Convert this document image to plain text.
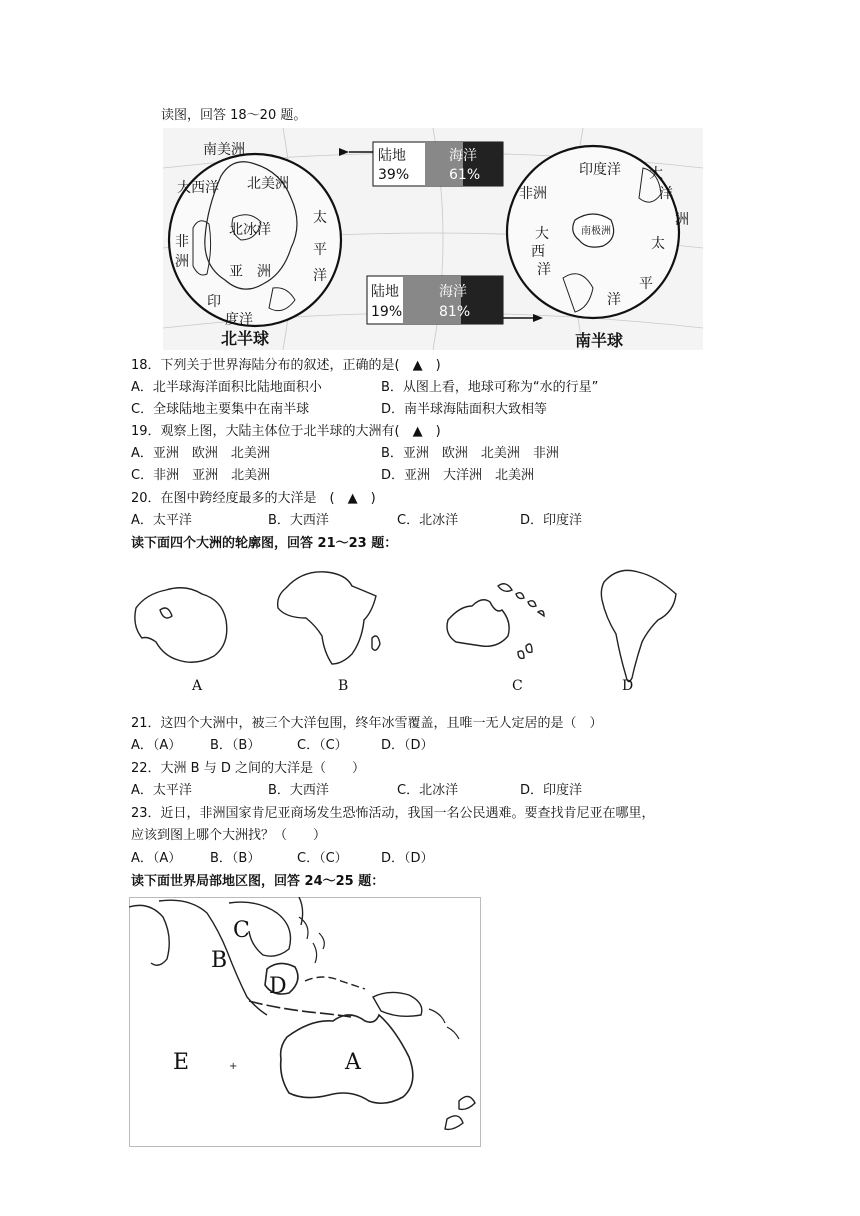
读图，回答 18～20 题。
南美洲
大西洋 北美洲
北冰洋
非
洲
亚　洲
太
平
洋
印
度洋
北半球
印度洋
非洲
大
西
洋
南极洲
大
洋
洲
太
平
洋
南半球
陆地
39%
海洋
61%
陆地
19%
海洋
81%
18．下列关于世界海陆分布的叙述，正确的是(　▲　)
A．北半球海洋面积比陆地面积小	B．从图上看，地球可称为“水的行星”
C．全球陆地主要集中在南半球	D．南半球海陆面积大致相等
19．观察上图，大陆主体位于北半球的大洲有(　▲　)
A．亚洲　欧洲　北美洲	B．亚洲　欧洲　北美洲　非洲
C．非洲　亚洲　北美洲	D．亚洲　大洋洲　北美洲
20．在图中跨经度最多的大洋是　(　▲　)
A．太平洋	B．大西洋	C．北冰洋	D．印度洋
读下面四个大洲的轮廓图，回答 21～23 题：
A	B	C	D
21．这四个大洲中，被三个大洋包围，终年冰雪覆盖，且唯一无人定居的是（　）
A．（A） B．（B）	C．（C）	D．（D）
22．大洲 B 与 D 之间的大洋是（　　）
A．太平洋	B．大西洋	C．北冰洋	D．印度洋
23．近日，非洲国家肯尼亚商场发生恐怖活动，我国一名公民遇难。要查找肯尼亚在哪里，
应该到图上哪个大洲找？（　　）
A．（A） B．（B）	C．（C）	D．（D）
读下面世界局部地区图，回答 24～25 题：
+
C
B
D
E	A
